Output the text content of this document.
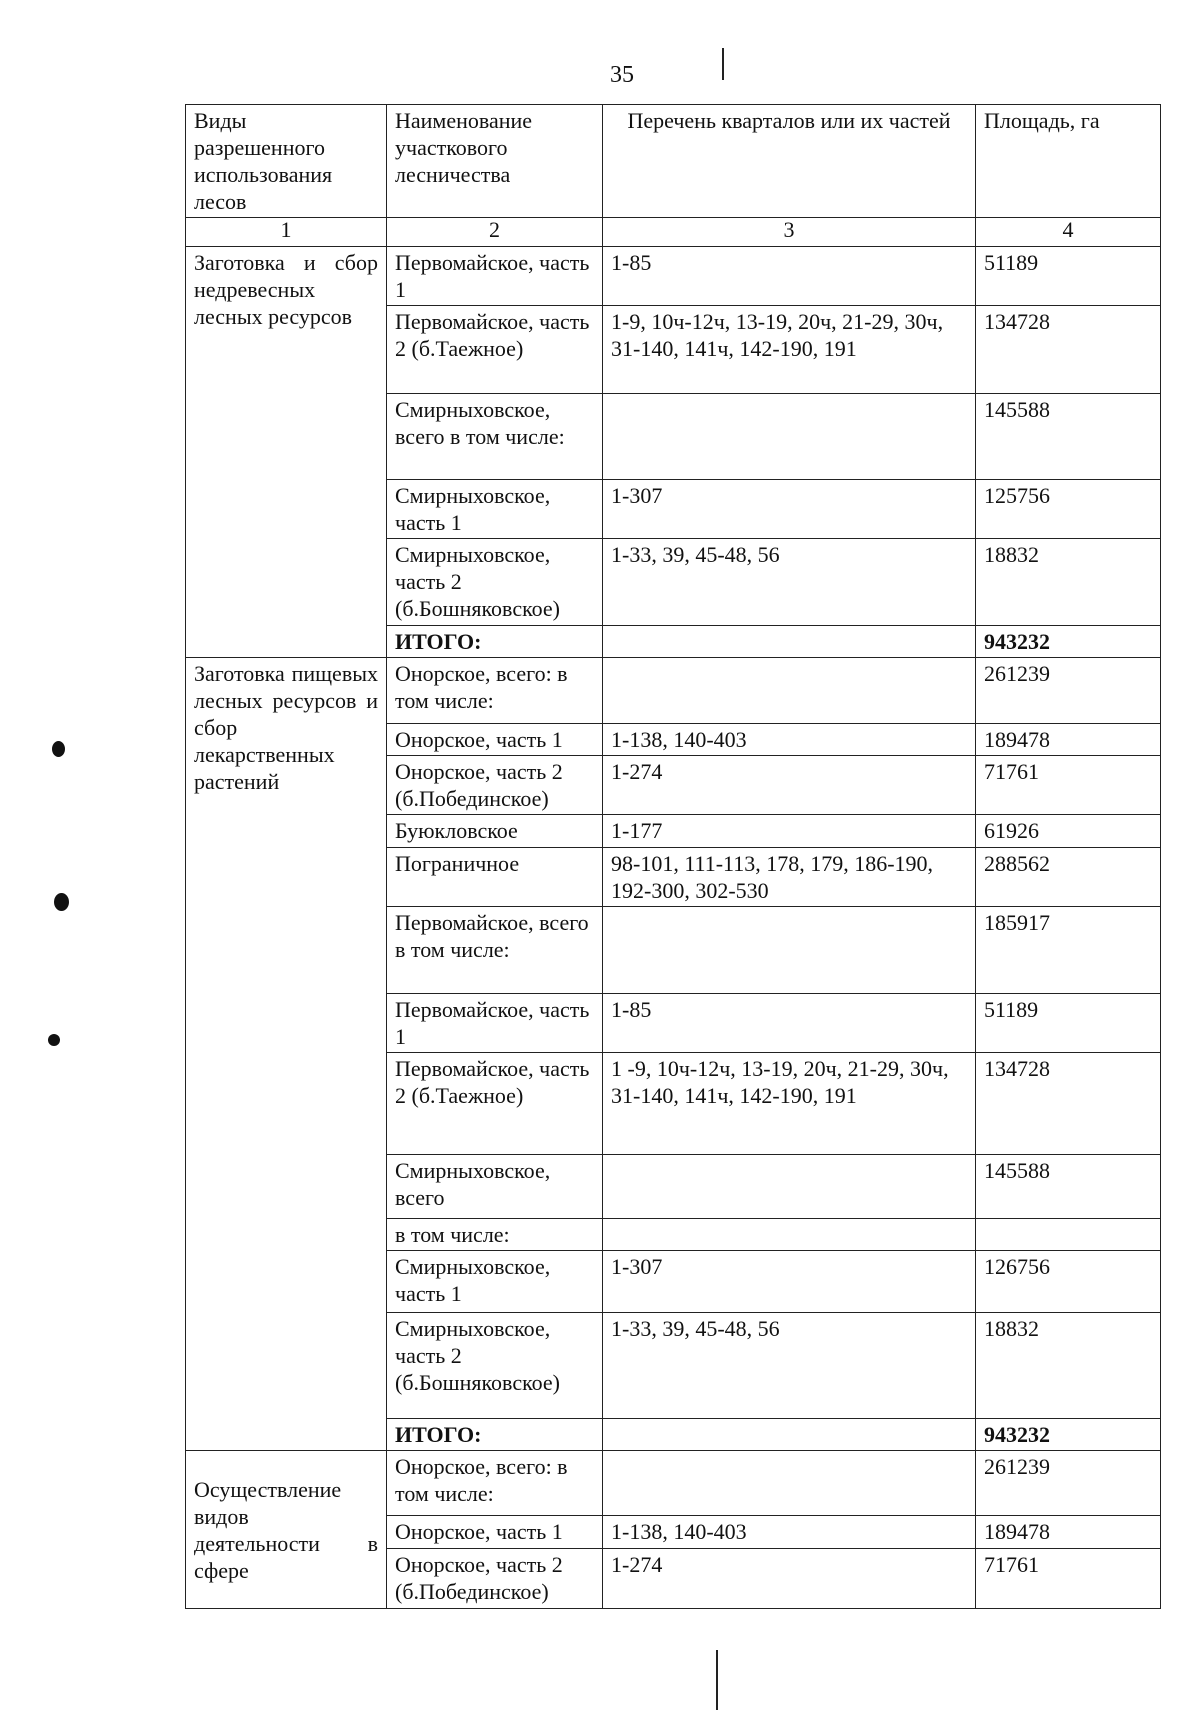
35
Виды разрешенного использования лесов	Наименование участкового лесничества	Перечень кварталов или их частей	Площадь, га
1	2	3	4
Заготовка и сбор недревесных лесных ресурсов	Первомайское, часть 1	1-85	51189
	Первомайское, часть 2 (б.Таежное)	1-9, 10ч-12ч, 13-19, 20ч, 21-29, 30ч, 31-140, 141ч, 142-190, 191	134728
	Смирныховское, всего в том числе:		145588
	Смирныховское, часть 1	1-307	125756
	Смирныховское, часть 2 (б.Бошняковское)	1-33, 39, 45-48, 56	18832
	ИТОГО:		943232
Заготовка пищевых лесных ресурсов и сбор лекарственных растений	Онорское, всего: в том числе:		261239
	Онорское, часть 1	1-138, 140-403	189478
	Онорское, часть 2 (б.Побединское)	1-274	71761
	Буюкловское	1-177	61926
	Пограничное	98-101, 111-113, 178, 179, 186-190, 192-300, 302-530	288562
	Первомайское, всего в том числе:		185917
	Первомайское, часть 1	1-85	51189
	Первомайское, часть 2 (б.Таежное)	1 -9, 10ч-12ч, 13-19, 20ч, 21-29, 30ч, 31-140, 141ч, 142-190, 191	134728
	Смирныховское, всего		145588
	в том числе:		
	Смирныховское, часть 1	1-307	126756
	Смирныховское, часть 2 (б.Бошняковское)	1-33, 39, 45-48, 56	18832
	ИТОГО:		943232
Осуществление видов деятельности в сфере	Онорское, всего: в том числе:		261239
	Онорское, часть 1	1-138, 140-403	189478
	Онорское, часть 2 (б.Побединское)	1-274	71761
